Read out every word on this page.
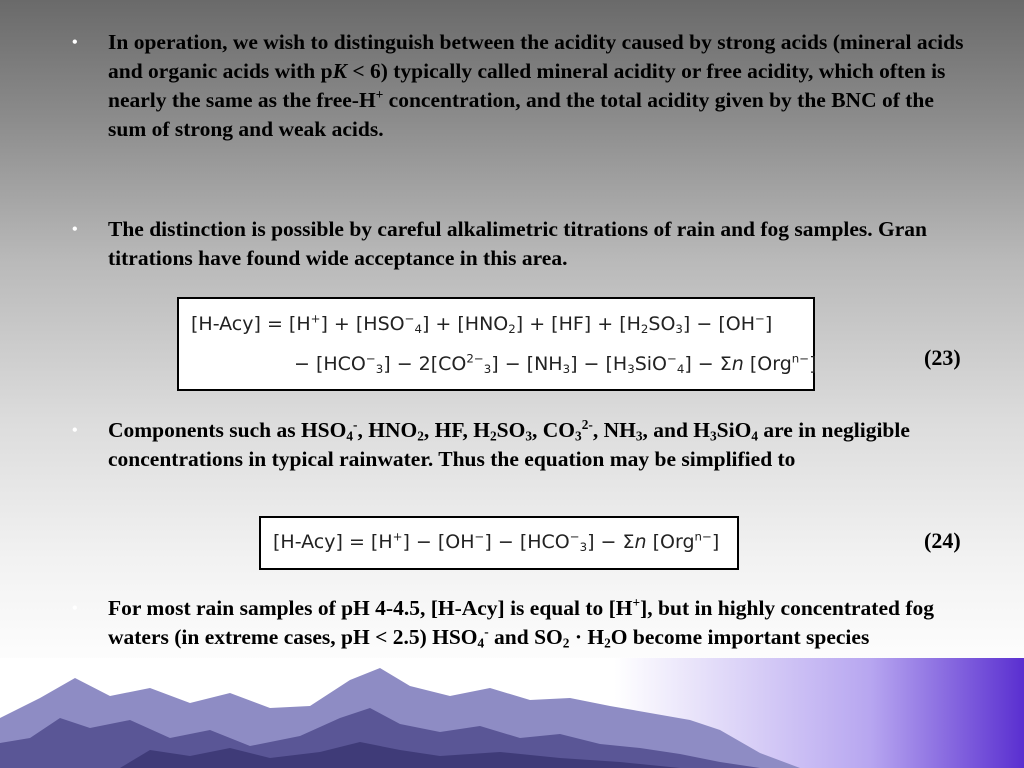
•	In operation, we wish to distinguish between the acidity caused by strong acids (mineral acids and organic acids with pK < 6) typically called mineral acidity or free acidity, which often is nearly the same as the free-H+ concentration, and the total acidity given by the BNC of the sum of strong and weak acids.
•	The distinction is possible by careful alkalimetric titrations of rain and fog samples. Gran titrations have found wide acceptance in this area.
$[H-Acy] = [H^+] + [HSO^-_4] + [HNO_2] + [HF] + [H_2SO_3] - [OH^-]$
− $[HCO^-_3] - 2[CO^{2-}_3] - [NH_3] - [H_3SiO^-_4] - \Sigma n$ [Org$^{n-}$]	(23)
•	Components such as $HSO_4^-$, $HNO_2$, HF, $H_2SO_3$, $CO_3^{2-}$, $NH_3$, and $H_3SiO_4$ are in negligible concentrations in typical rainwater. Thus the equation may be simplified to
$[H-Acy] = [H^+] - [OH^-] - [HCO^-_3] - \Sigma n$ [Org$^{n-}$]	(24)
•	For most rain samples of pH 4-4.5, [H-Acy] is equal to [H+], but in highly concentrated fog waters (in extreme cases, pH < 2.5) $HSO_4^-$ and $SO_2 \cdot H_2O$ become important species
